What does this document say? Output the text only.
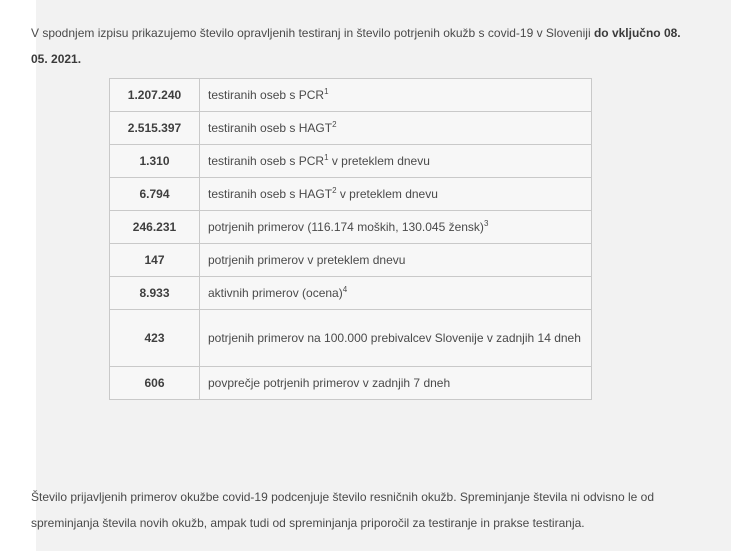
V spodnjem izpisu prikazujemo število opravljenih testiranj in število potrjenih okužb s covid-19 v Sloveniji do vključno 08. 05. 2021.

1.207.240	testiranih oseb s PCR$^1$
2.515.397	testiranih oseb s HAGT$^2$
1.310	testiranih oseb s PCR$^1$ v preteklem dnevu
6.794	testiranih oseb s HAGT$^2$ v preteklem dnevu
246.231	potrjenih primerov (116.174 moških, 130.045 žensk)$^3$
147	potrjenih primerov v preteklem dnevu
8.933	aktivnih primerov (ocena)$^4$
423	potrjenih primerov na 100.000 prebivalcev Slovenije v zadnjih 14 dneh
606	povprečje potrjenih primerov v zadnjih 7 dneh

Število prijavljenih primerov okužbe covid-19 podcenjuje število resničnih okužb. Spreminjanje števila ni odvisno le od spreminjanja števila novih okužb, ampak tudi od spreminjanja priporočil za testiranje in prakse testiranja.
